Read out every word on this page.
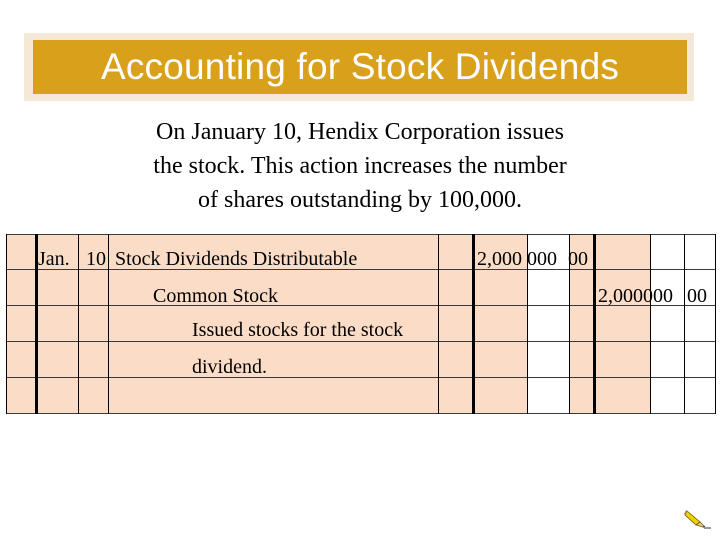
Accounting for Stock Dividends
On January 10, Hendix Corporation issues
the stock. This action increases the number
of shares outstanding by 100,000.
Jan. 10 Stock Dividends Distributable	2,000 000 00
Common Stock	2,000000 00
Issued stocks for the stock
dividend.
